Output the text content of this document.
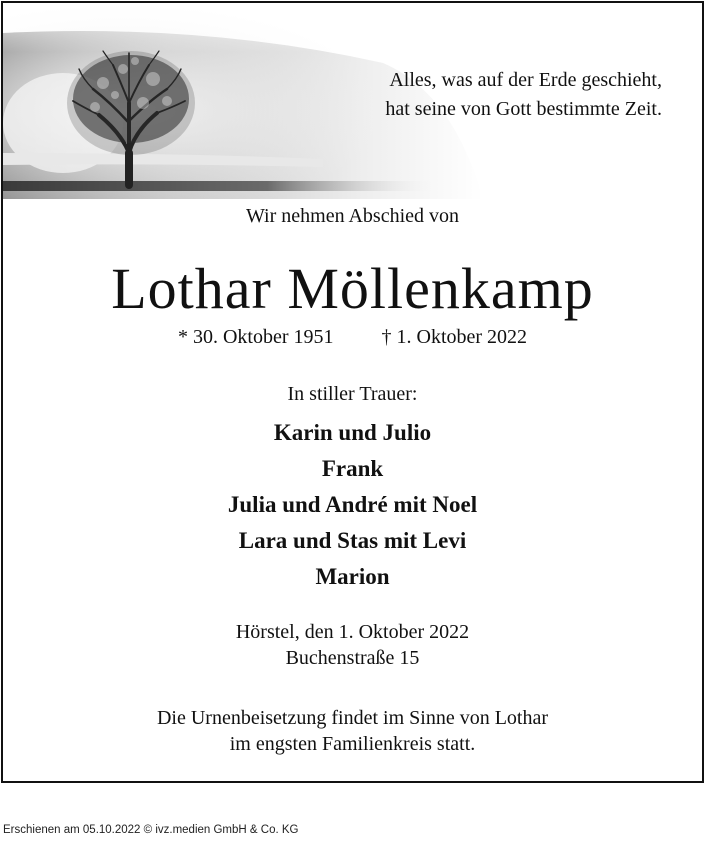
Alles, was auf der Erde geschieht,
hat seine von Gott bestimmte Zeit.
Wir nehmen Abschied von
Lothar Möllenkamp
* 30. Oktober 1951 † 1. Oktober 2022
In stiller Trauer:
Karin und Julio
Frank
Julia und André mit Noel
Lara und Stas mit Levi
Marion
Hörstel, den 1. Oktober 2022
Buchenstraße 15
Die Urnenbeisetzung findet im Sinne von Lothar
im engsten Familienkreis statt.
Erschienen am 05.10.2022 © ivz.medien GmbH & Co. KG
